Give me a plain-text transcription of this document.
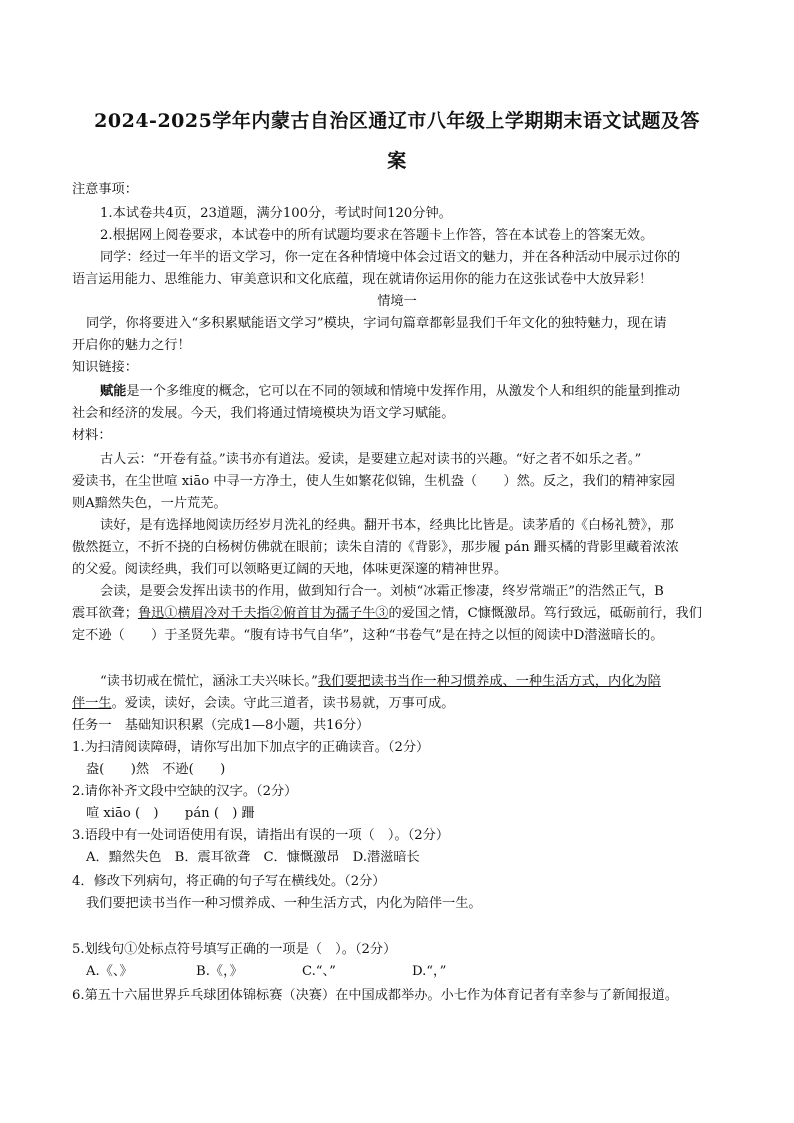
2024-2025学年内蒙古自治区通辽市八年级上学期期末语文试题及答
案
注意事项：
1.本试卷共4页，23道题，满分100分，考试时间120分钟。
2.根据网上阅卷要求，本试卷中的所有试题均要求在答题卡上作答，答在本试卷上的答案无效。
同学：经过一年半的语文学习，你一定在各种情境中体会过语文的魅力，并在各种活动中展示过你的
语言运用能力、思维能力、审美意识和文化底蕴，现在就请你运用你的能力在这张试卷中大放异彩！
情境一
同学，你将要进入“多积累赋能语文学习”模块，字词句篇章都彰显我们千年文化的独特魅力，现在请
开启你的魅力之行！
知识链接：
赋能是一个多维度的概念，它可以在不同的领域和情境中发挥作用，从激发个人和组织的能量到推动
社会和经济的发展。今天，我们将通过情境模块为语文学习赋能。
材料：
古人云：“开卷有益。”读书亦有道法。爱读，是要建立起对读书的兴趣。“好之者不如乐之者。”
爱读书，在尘世喧 xiāo 中寻一方净土，使人生如繁花似锦，生机盎（　　）然。反之，我们的精神家园
则A黯然失色，一片荒芜。
读好，是有选择地阅读历经岁月洗礼的经典。翻开书本，经典比比皆是。读茅盾的《白杨礼赞》，那
傲然挺立，不折不挠的白杨树仿佛就在眼前；读朱自清的《背影》，那步履 pán 跚买橘的背影里藏着浓浓
的父爱。阅读经典，我们可以领略更辽阔的天地，体味更深邃的精神世界。
会读，是要会发挥出读书的作用，做到知行合一。刘桢“冰霜正惨凄，终岁常端正”的浩然正气，B
震耳欲聋；鲁迅①横眉冷对千夫指②俯首甘为孺子牛③的爱国之情，C慷慨激昂。笃行致远，砥砺前行，我们
定不逊（　　）于圣贤先辈。“腹有诗书气自华”，这种“书卷气”是在持之以恒的阅读中D潜滋暗长的。
“读书切戒在慌忙，涵泳工夫兴味长。”我们要把读书当作一种习惯养成、一种生活方式，内化为陪
伴一生。爱读，读好，会读。守此三道者，读书易就，万事可成。
任务一　基础知识积累（完成1—8小题，共16分）
1.为扫清阅读障碍，请你写出加下加点字的正确读音。（2分）
盎(　　)然　不逊(　　)
2.请你补齐文段中空缺的汉字。（2分）
喧 xiāo (　)　　pán (　) 跚
3.语段中有一处词语使用有误，请指出有误的一项（　）。（2分）
A．黯然失色　B．震耳欲聋　C．慷慨激昂　D.潜滋暗长
4．修改下列病句，将正确的句子写在横线处。（2分）
我们要把读书当作一种习惯养成、一种生活方式，内化为陪伴一生。
5.划线句①处标点符号填写正确的一项是（　）。（2分）
A.《、》	B.《，》	C.“、”	D.“，”
6.第五十六届世界乒乓球团体锦标赛（决赛）在中国成都举办。小七作为体育记者有幸参与了新闻报道。
